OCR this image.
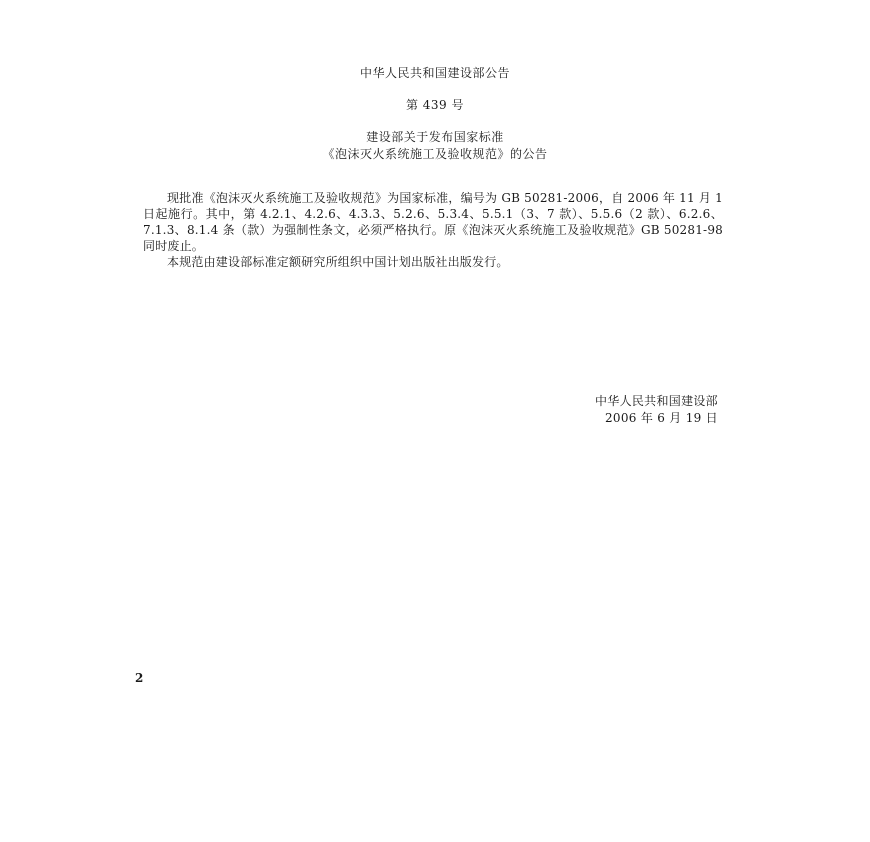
中华人民共和国建设部公告
第 439 号
建设部关于发布国家标准
《泡沫灭火系统施工及验收规范》的公告

现批准《泡沫灭火系统施工及验收规范》为国家标准，编号为 GB 50281-2006，自 2006 年 11 月 1 日起施行。其中，第 4.2.1、4.2.6、4.3.3、5.2.6、5.3.4、5.5.1（3、7 款）、5.5.6（2 款）、6.2.6、7.1.3、8.1.4 条（款）为强制性条文，必须严格执行。原《泡沫灭火系统施工及验收规范》GB 50281-98 同时废止。

本规范由建设部标准定额研究所组织中国计划出版社出版发行。

中华人民共和国建设部
2006 年 6 月 19 日
2
